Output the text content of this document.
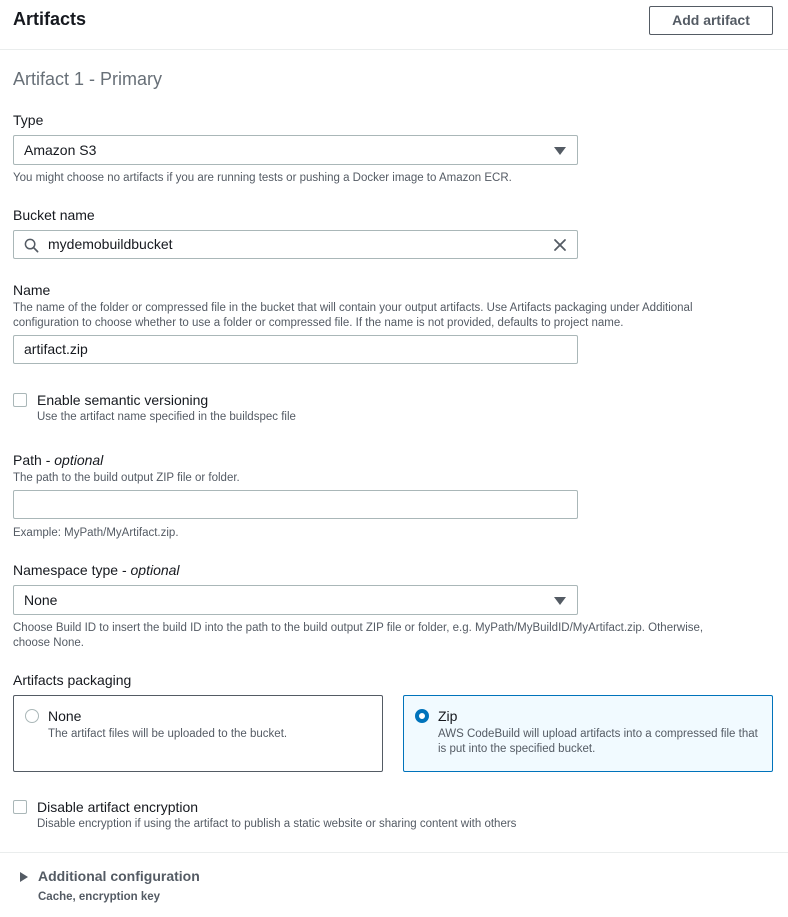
Artifacts	Add artifact
Artifact 1 - Primary
Type
Amazon S3
You might choose no artifacts if you are running tests or pushing a Docker image to Amazon ECR.
Bucket name
mydemobuildbucket
Name
The name of the folder or compressed file in the bucket that will contain your output artifacts. Use Artifacts packaging under Additional
configuration to choose whether to use a folder or compressed file. If the name is not provided, defaults to project name.
artifact.zip
Enable semantic versioning
Use the artifact name specified in the buildspec file
Path - optional
The path to the build output ZIP file or folder.
Example: MyPath/MyArtifact.zip.
Namespace type - optional
None
Choose Build ID to insert the build ID into the path to the build output ZIP file or folder, e.g. MyPath/MyBuildID/MyArtifact.zip. Otherwise,
choose None.
Artifacts packaging
None
The artifact files will be uploaded to the bucket.
Zip
AWS CodeBuild will upload artifacts into a compressed file that is put into the specified bucket.
Disable artifact encryption
Disable encryption if using the artifact to publish a static website or sharing content with others
Additional configuration
Cache, encryption key
